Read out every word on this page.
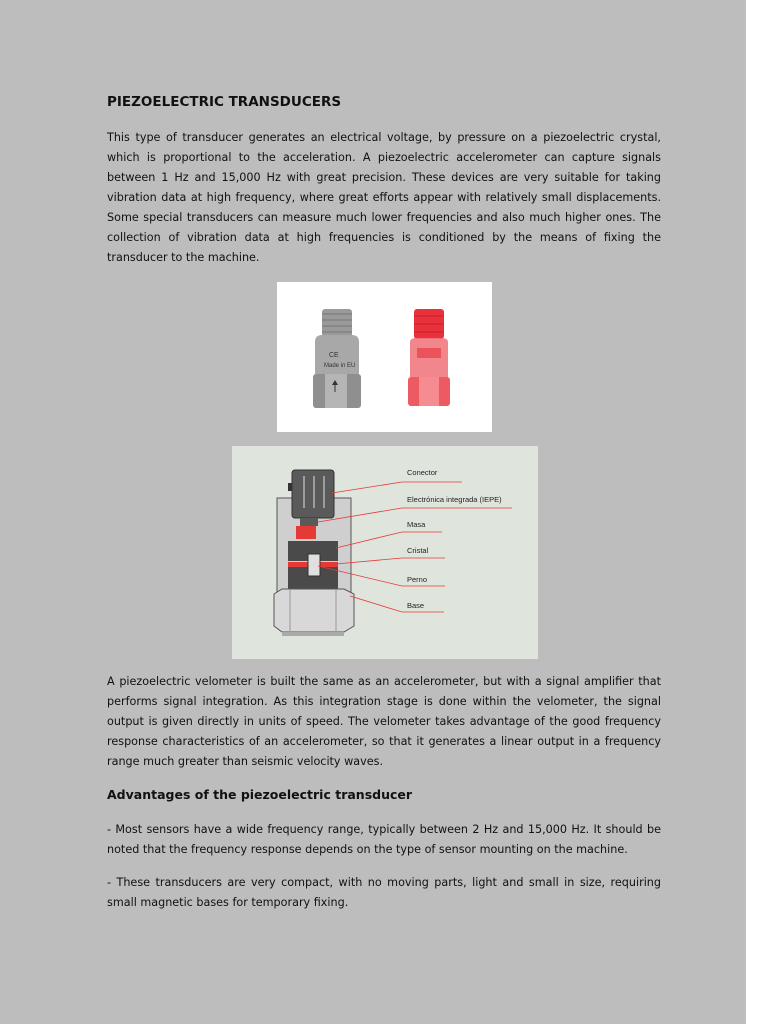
PIEZOELECTRIC TRANSDUCERS

This type of transducer generates an electrical voltage, by pressure on a piezoelectric crystal, which is proportional to the acceleration. A piezoelectric accelerometer can capture signals between 1 Hz and 15,000 Hz with great precision. These devices are very suitable for taking vibration data at high frequency, where great efforts appear with relatively small displacements. Some special transducers can measure much lower frequencies and also much higher ones. The collection of vibration data at high frequencies is conditioned by the means of fixing the transducer to the machine.

CE
Made in EU
Conector
Electrónica integrada (IEPE)
Masa
Cristal
Perno
Base

A piezoelectric velometer is built the same as an accelerometer, but with a signal amplifier that performs signal integration. As this integration stage is done within the velometer, the signal output is given directly in units of speed. The velometer takes advantage of the good frequency response characteristics of an accelerometer, so that it generates a linear output in a frequency range much greater than seismic velocity waves.

Advantages of the piezoelectric transducer

- Most sensors have a wide frequency range, typically between 2 Hz and 15,000 Hz. It should be noted that the frequency response depends on the type of sensor mounting on the machine.

- These transducers are very compact, with no moving parts, light and small in size, requiring small magnetic bases for temporary fixing.
